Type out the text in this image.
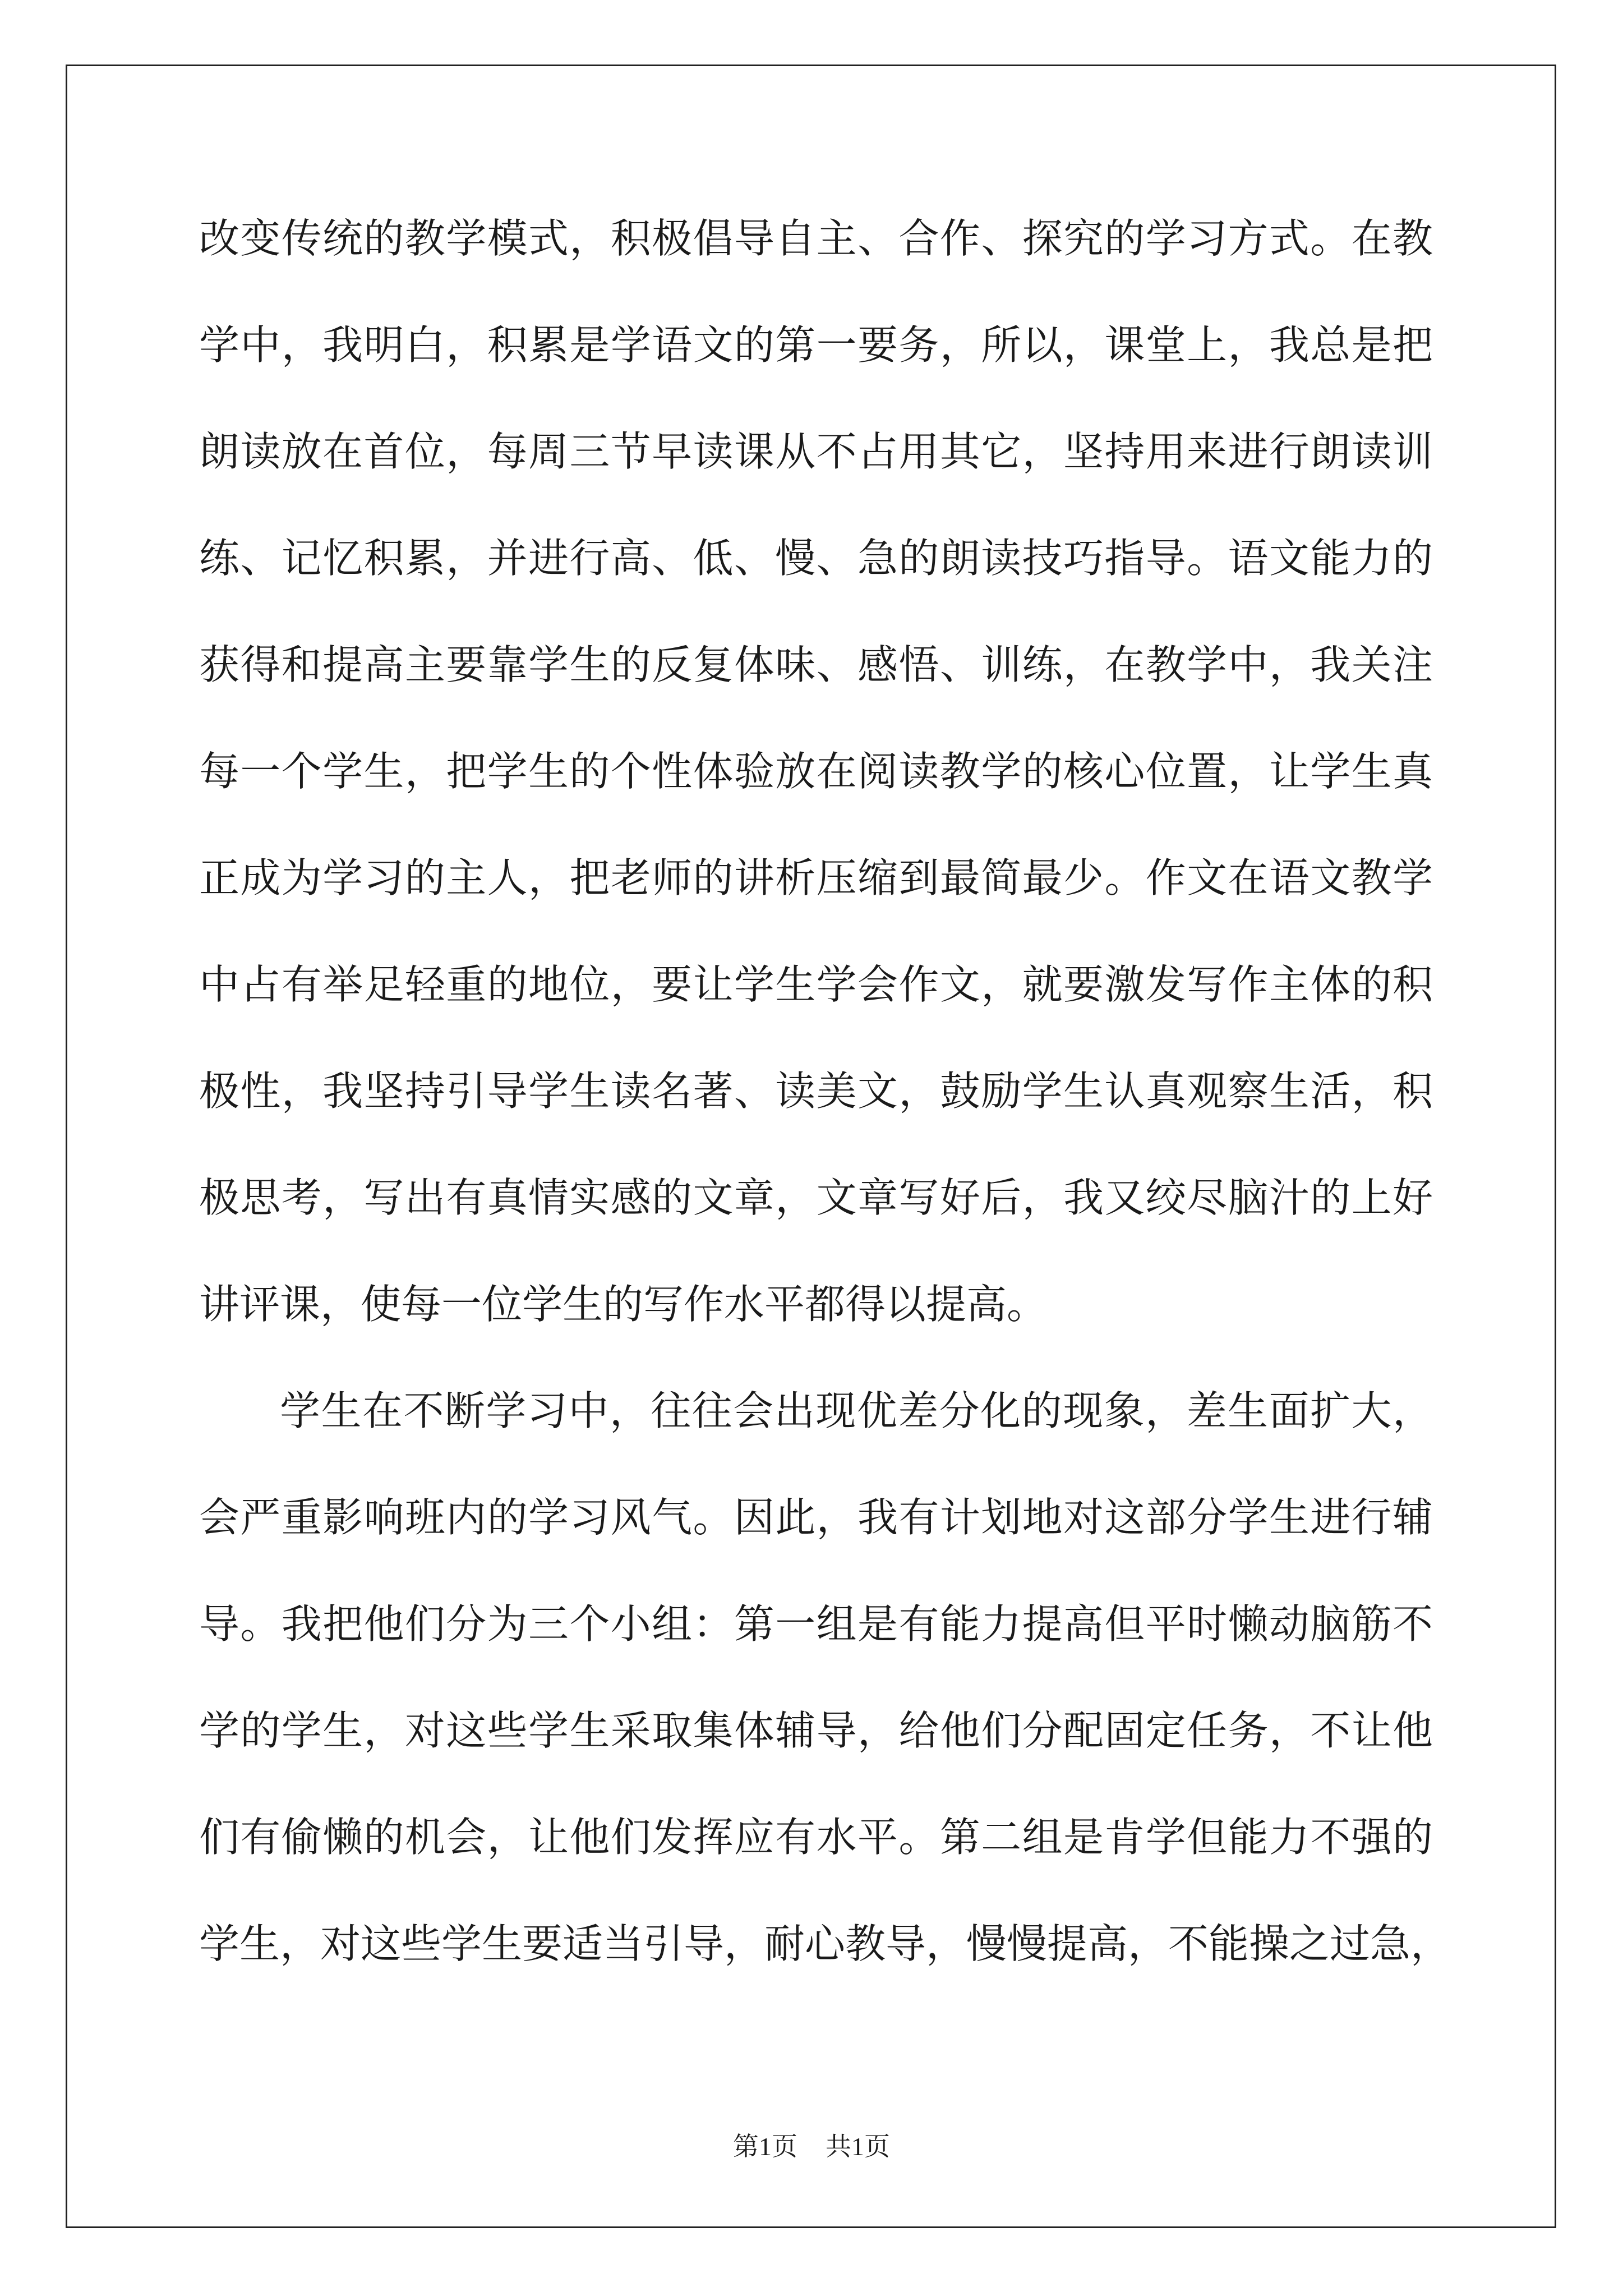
改变传统的教学模式，积极倡导自主、合作、探究的学习方式。在教
学中，我明白，积累是学语文的第一要务，所以，课堂上，我总是把
朗读放在首位，每周三节早读课从不占用其它，坚持用来进行朗读训
练、记忆积累，并进行高、低、慢、急的朗读技巧指导。语文能力的
获得和提高主要靠学生的反复体味、感悟、训练，在教学中，我关注
每一个学生，把学生的个性体验放在阅读教学的核心位置，让学生真
正成为学习的主人，把老师的讲析压缩到最简最少。作文在语文教学
中占有举足轻重的地位，要让学生学会作文，就要激发写作主体的积
极性，我坚持引导学生读名著、读美文，鼓励学生认真观察生活，积
极思考，写出有真情实感的文章，文章写好后，我又绞尽脑汁的上好
讲评课，使每一位学生的写作水平都得以提高。
学生在不断学习中，往往会出现优差分化的现象，差生面扩大，
会严重影响班内的学习风气。因此，我有计划地对这部分学生进行辅
导。我把他们分为三个小组：第一组是有能力提高但平时懒动脑筋不
学的学生，对这些学生采取集体辅导，给他们分配固定任务，不让他
们有偷懒的机会，让他们发挥应有水平。第二组是肯学但能力不强的
学生，对这些学生要适当引导，耐心教导，慢慢提高，不能操之过急，
第1页 共1页
